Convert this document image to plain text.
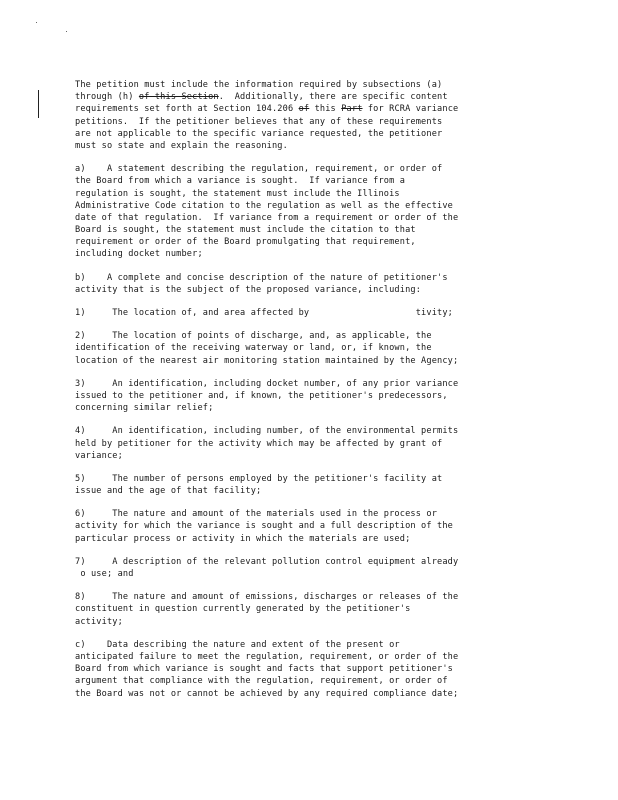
The petition must include the information required by subsections (a)
through (h) of this Section.  Additionally, there are specific content
requirements set forth at Section 104.206 of this Part for RCRA variance
petitions.  If the petitioner believes that any of these requirements
are not applicable to the specific variance requested, the petitioner
must so state and explain the reasoning.
a)    A statement describing the regulation, requirement, or order of
the Board from which a variance is sought.  If variance from a
regulation is sought, the statement must include the Illinois
Administrative Code citation to the regulation as well as the effective
date of that regulation.  If variance from a requirement or order of the
Board is sought, the statement must include the citation to that
requirement or order of the Board promulgating that requirement,
including docket number;
b)    A complete and concise description of the nature of petitioner's
activity that is the subject of the proposed variance, including:
1)     The location of, and area affected by                    tivity;
2)     The location of points of discharge, and, as applicable, the
identification of the receiving waterway or land, or, if known, the
location of the nearest air monitoring station maintained by the Agency;
3)     An identification, including docket number, of any prior variance
issued to the petitioner and, if known, the petitioner's predecessors,
concerning similar relief;
4)     An identification, including number, of the environmental permits
held by petitioner for the activity which may be affected by grant of
variance;
5)     The number of persons employed by the petitioner's facility at
issue and the age of that facility;
6)     The nature and amount of the materials used in the process or
activity for which the variance is sought and a full description of the
particular process or activity in which the materials are used;
7)     A description of the relevant pollution control equipment already
o use; and
8)     The nature and amount of emissions, discharges or releases of the
constituent in question currently generated by the petitioner's
activity;
c)    Data describing the nature and extent of the present or
anticipated failure to meet the regulation, requirement, or order of the
Board from which variance is sought and facts that support petitioner's
argument that compliance with the regulation, requirement, or order of
the Board was not or cannot be achieved by any required compliance date;
